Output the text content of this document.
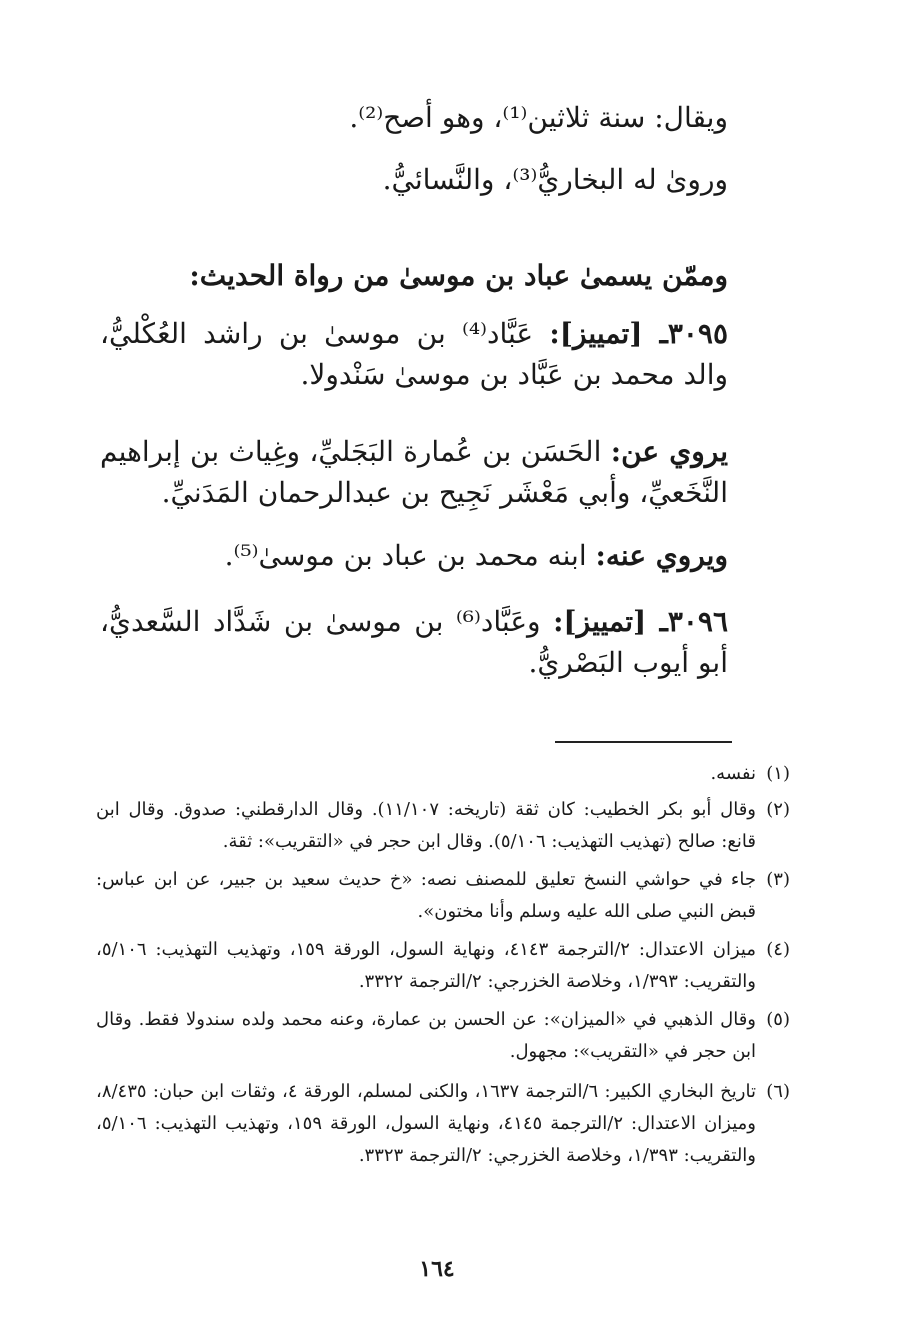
ويقال: سنة ثلاثين⁽¹⁾، وهو أصح⁽²⁾.
وروىٰ له البخاريُّ⁽³⁾، والنَّسائيُّ.
وممّن يسمىٰ عباد بن موسىٰ من رواة الحديث:
٣٠٩٥ـ [تمييز]: عَبَّاد⁽⁴⁾ بن موسىٰ بن راشد العُكْليُّ، والد محمد بن عَبَّاد بن موسىٰ سَنْدولا.
يروي عن: الحَسَن بن عُمارة البَجَليِّ، وغِياث بن إبراهيم النَّخَعيِّ، وأبي مَعْشَر نَجِيح بن عبدالرحمان المَدَنيِّ.
ويروي عنه: ابنه محمد بن عباد بن موسىٰ⁽⁵⁾.
٣٠٩٦ـ [تمييز]: وعَبَّاد⁽⁶⁾ بن موسىٰ بن شَدَّاد السَّعديُّ، أبو أيوب البَصْريُّ.
(١)
نفسه.
(٢)
وقال أبو بكر الخطيب: كان ثقة (تاريخه: ١١/١٠٧). وقال الدارقطني: صدوق. وقال ابن قانع: صالح (تهذيب التهذيب: ٥/١٠٦). وقال ابن حجر في «التقريب»: ثقة.
(٣)
جاء في حواشي النسخ تعليق للمصنف نصه: «خ حديث سعيد بن جبير، عن ابن عباس: قبض النبي صلى الله عليه وسلم وأنا مختون».
(٤)
ميزان الاعتدال: ٢/الترجمة ٤١٤٣، ونهاية السول، الورقة ١٥٩، وتهذيب التهذيب: ٥/١٠٦، والتقريب: ١/٣٩٣، وخلاصة الخزرجي: ٢/الترجمة ٣٣٢٢.
(٥)
وقال الذهبي في «الميزان»: عن الحسن بن عمارة، وعنه محمد ولده سندولا فقط. وقال ابن حجر في «التقريب»: مجهول.
(٦)
تاريخ البخاري الكبير: ٦/الترجمة ١٦٣٧، والكنى لمسلم، الورقة ٤، وثقات ابن حبان: ٨/٤٣٥، وميزان الاعتدال: ٢/الترجمة ٤١٤٥، ونهاية السول، الورقة ١٥٩، وتهذيب التهذيب: ٥/١٠٦، والتقريب: ١/٣٩٣، وخلاصة الخزرجي: ٢/الترجمة ٣٣٢٣.
١٦٤
